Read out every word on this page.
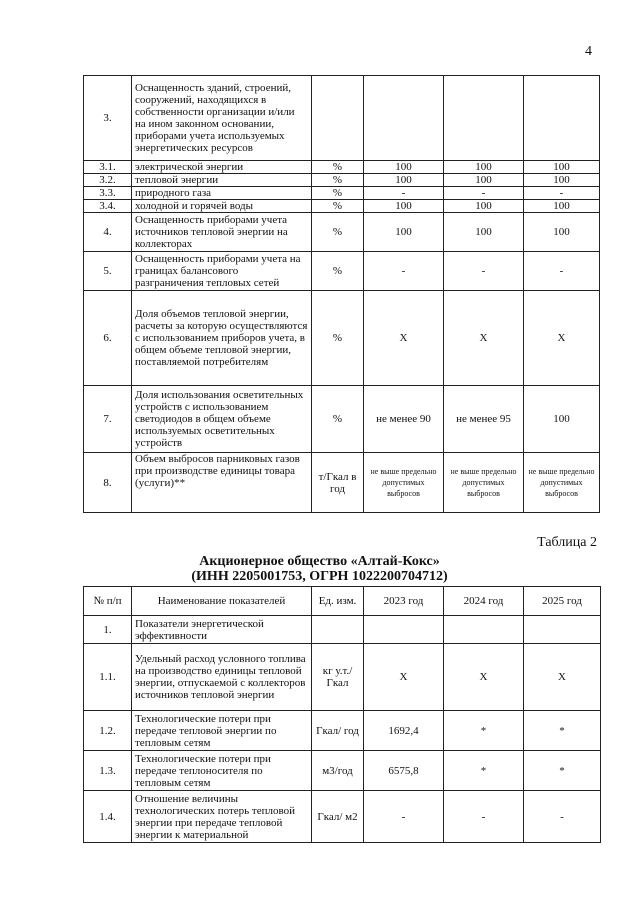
4
3.	Оснащенность зданий, строений, сооружений, находящихся в собственности организации и/или на ином законном основании, приборами учета используемых энергетических ресурсов				
3.1.	электрической энергии	%	100	100	100
3.2.	тепловой энергии	%	100	100	100
3.3.	природного газа	%	-	-	-
3.4.	холодной и горячей воды	%	100	100	100
4.	Оснащенность приборами учета источников тепловой энергии на коллекторах	%	100	100	100
5.	Оснащенность приборами учета на границах балансового разграничения тепловых сетей	%	-	-	-
6.	Доля объемов тепловой энергии, расчеты за которую осуществляются с использованием приборов учета, в общем объеме тепловой энергии, поставляемой потребителям	%	Х	Х	Х
7.	Доля использования осветительных устройств с использованием светодиодов в общем объеме используемых осветительных устройств	%	не менее 90	не менее 95	100
8.	Объем выбросов парниковых газов при производстве единицы товара (услуги)**	т/Гкал в год	не выше предельно допустимых выбросов	не выше предельно допустимых выбросов	не выше предельно допустимых выбросов
Таблица 2
Акционерное общество «Алтай-Кокс»
(ИНН 2205001753, ОГРН 1022200704712)
№ п/п	Наименование показателей	Ед. изм.	2023 год	2024 год	2025 год
1.	Показатели энергетической эффективности				
1.1.	Удельный расход условного топлива на производство единицы тепловой энергии, отпускаемой с коллекторов источников тепловой энергии	кг у.т./ Гкал	Х	Х	Х
1.2.	Технологические потери при передаче тепловой энергии по тепловым сетям	Гкал/ год	1692,4	*	*
1.3.	Технологические потери при передаче теплоносителя по тепловым сетям	м3/год	6575,8	*	*
1.4.	Отношение величины технологических потерь тепловой энергии при передаче тепловой энергии к материальной	Гкал/ м2	-	-	-
